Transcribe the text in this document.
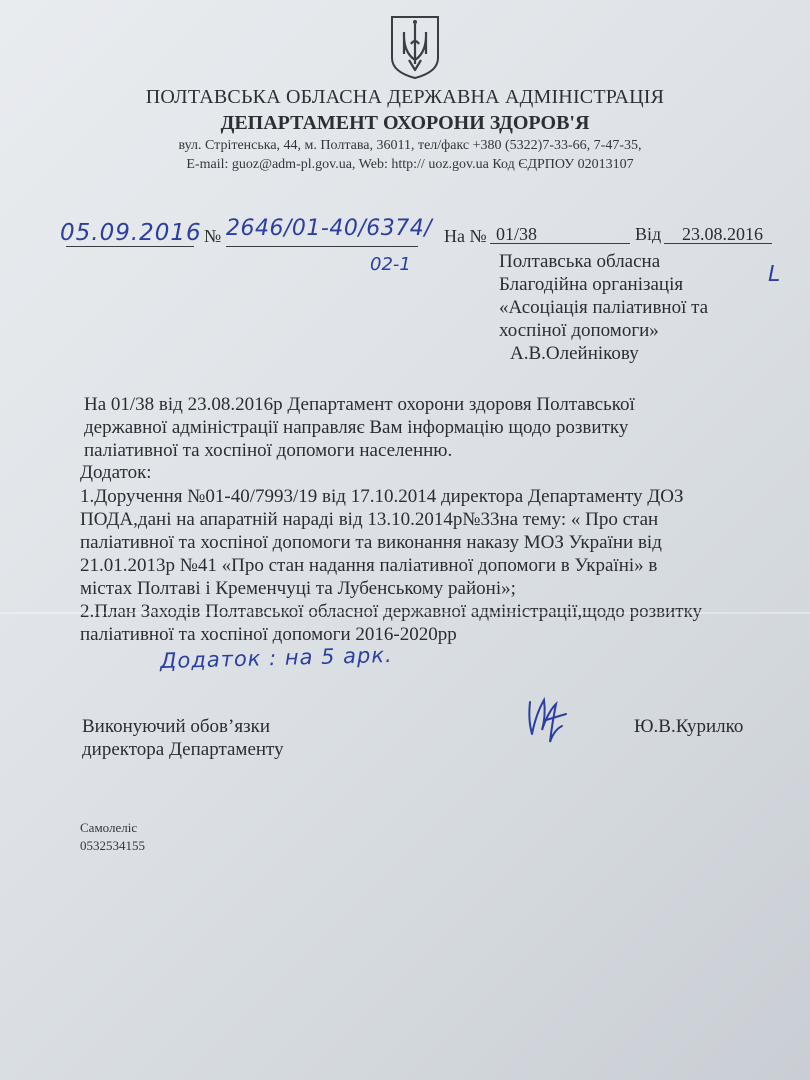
ПОЛТАВСЬКА ОБЛАСНА ДЕРЖАВНА АДМІНІСТРАЦІЯ
ДЕПАРТАМЕНТ ОХОРОНИ ЗДОРОВ'Я
вул. Стрітенська, 44, м. Полтава, 36011, тел/факс +380 (5322)7-33-66, 7-47-35,
E-mail: guoz@adm-pl.gov.ua, Web: http:// uoz.gov.ua Код ЄДРПОУ 02013107
05.09.2016 № 2646/01-40/6374/
02-1
На № 01/38	Від 23.08.2016
Полтавська обласна
Благодійна організація
«Асоціація паліативної та
хоспіної допомоги»
А.В.Олейнікову
ᒪ
На 01/38 від 23.08.2016р Департамент охорони здоровя Полтавської
державної адміністрації направляє Вам інформацію щодо розвитку
паліативної та хоспіної допомоги населенню.
Додаток:
1.Доручення №01-40/7993/19 від 17.10.2014 директора Департаменту ДОЗ
ПОДА,дані на апаратній нараді від 13.10.2014р№33на тему: « Про стан
паліативної та хоспіної допомоги та виконання наказу МОЗ України від
21.01.2013р №41 «Про стан надання паліативної допомоги в Україні» в
містах Полтаві і Кременчуці та Лубенському районі»;
2.План Заходів Полтавської обласної державної адміністрації,щодо розвитку
паліативної та хоспіної допомоги 2016-2020рр
Додаток : на 5 арк.
Виконуючий обов’язки
директора Департаменту
Ю.В.Курилко
Самолеліс
0532534155
